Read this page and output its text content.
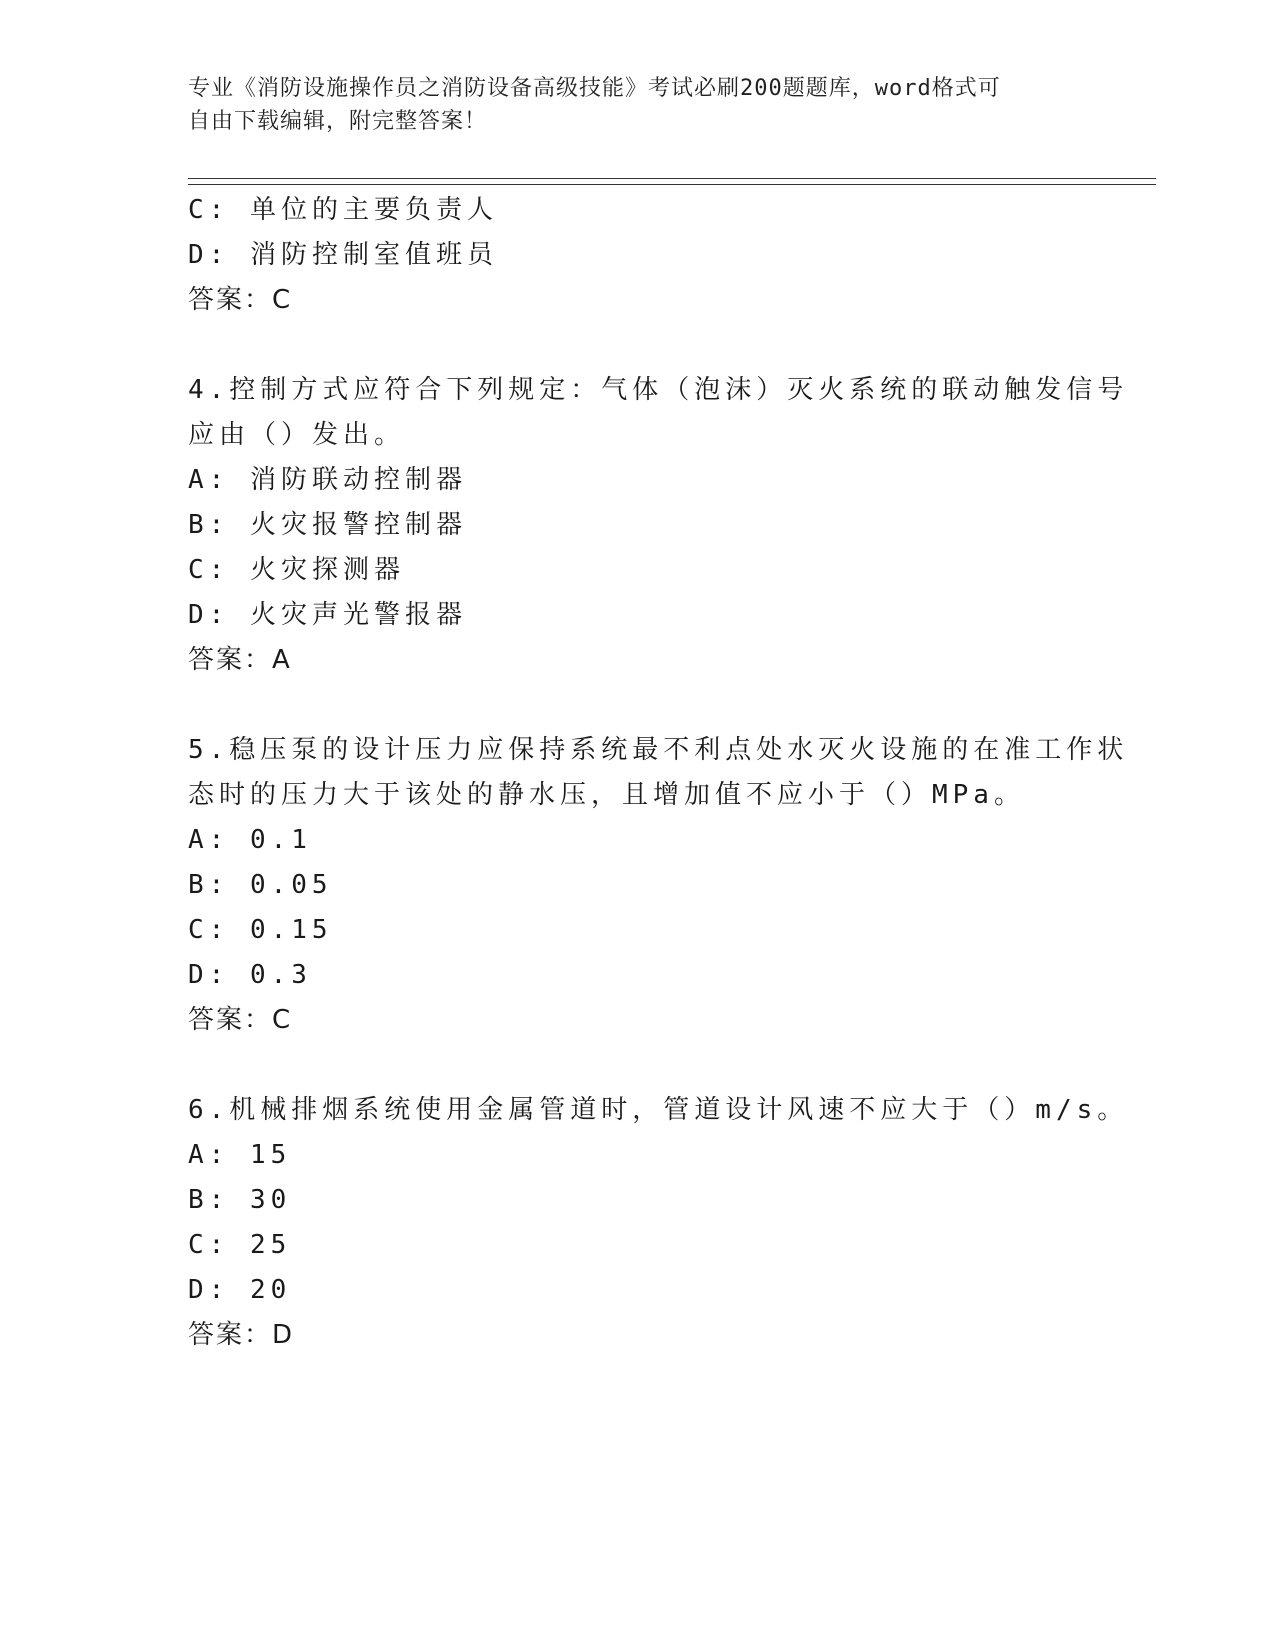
专业《消防设施操作员之消防设备高级技能》考试必刷200题题库，word格式可
自由下载编辑，附完整答案！
C: 单位的主要负责人
D: 消防控制室值班员
答案：C
4.控制方式应符合下列规定：气体（泡沫）灭火系统的联动触发信号
应由（）发出。
A: 消防联动控制器
B: 火灾报警控制器
C: 火灾探测器
D: 火灾声光警报器
答案：A
5.稳压泵的设计压力应保持系统最不利点处水灭火设施的在准工作状
态时的压力大于该处的静水压，且增加值不应小于（）MPa。
A: 0.1
B: 0.05
C: 0.15
D: 0.3
答案：C
6.机械排烟系统使用金属管道时，管道设计风速不应大于（）m/s。
A: 15
B: 30
C: 25
D: 20
答案：D
